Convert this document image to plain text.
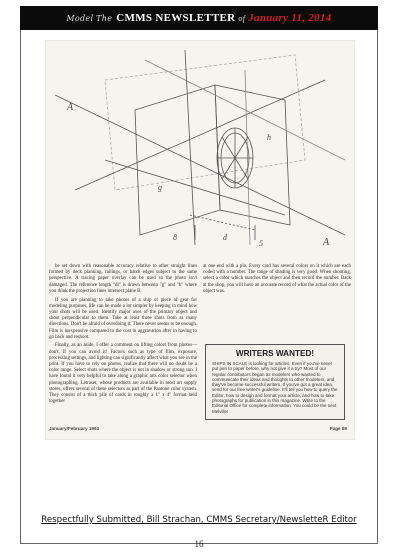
Model The CMMS NEWSLETTER of January 11, 2014
A
A
g
h
d
8
5

be set down with reasonable accuracy relative to other straight lines formed by deck planking, railings, or hatch edges subject to the same perspective. A tracing paper overlay can be used so the photo isn't damaged. The reference length "dl" is drawn between "g" and "h" where you think the projection lines intersect plane B.

If you are planning to take photos of a ship or piece of gear for modeling purposes, life can be made a lot simpler by keeping in mind how your shots will be used. Identify major axes of the primary object and shoot perpendicular to them. Take at least three shots from as many directions. Don't be afraid of overdoing it. There never seems to be enough. Film is inexpensive compared to the cost in aggravation after in having to go back and reshoot.

Finally, as an aside, I offer a comment on lifting colors from photos—don't, if you can avoid it! Factors such as type of film, exposure, processing settings, and lighting can significantly affect what you see in the print. If you have to rely on photos, realize that there will no doubt be a color range. Select shots where the object is not in shadow or strong sun. I have found it very helpful to take along a graphic arts color selector when photographing. Letraset, whose products are available in most art supply stores, offers several of these selectors as part of the Pantone color system. They consist of a thick pile of cards in roughly a 1" x 4" format held together

at one end with a pin. Every card has several colors on it which are each coded with a number. The range of shading is very good. When shooting, select a color which matches the object and then record the number. Back at the shop, you will have an accurate record of what the actual color of the object was.

WRITERS WANTED!
SHIPS IN SCALE is looking for articles. Even if you've never put pen to paper before, why not give it a try? Most of our regular contributors began as modelers who wanted to communicate their ideas and thoughts to other modelers, and they've become successful writers. If you've got a great idea, send for our free writer's guideline. It'll tell you how to query the Editor, how to design and format your article, and how to take photographs for publication in this magazine. Write to the Editorial Office for complete information. You could be the next Melville!
January/February 1993	Page 69
Respectfully Submitted, Bill Strachan, CMMS Secretary/NewsletteR Editor
16
